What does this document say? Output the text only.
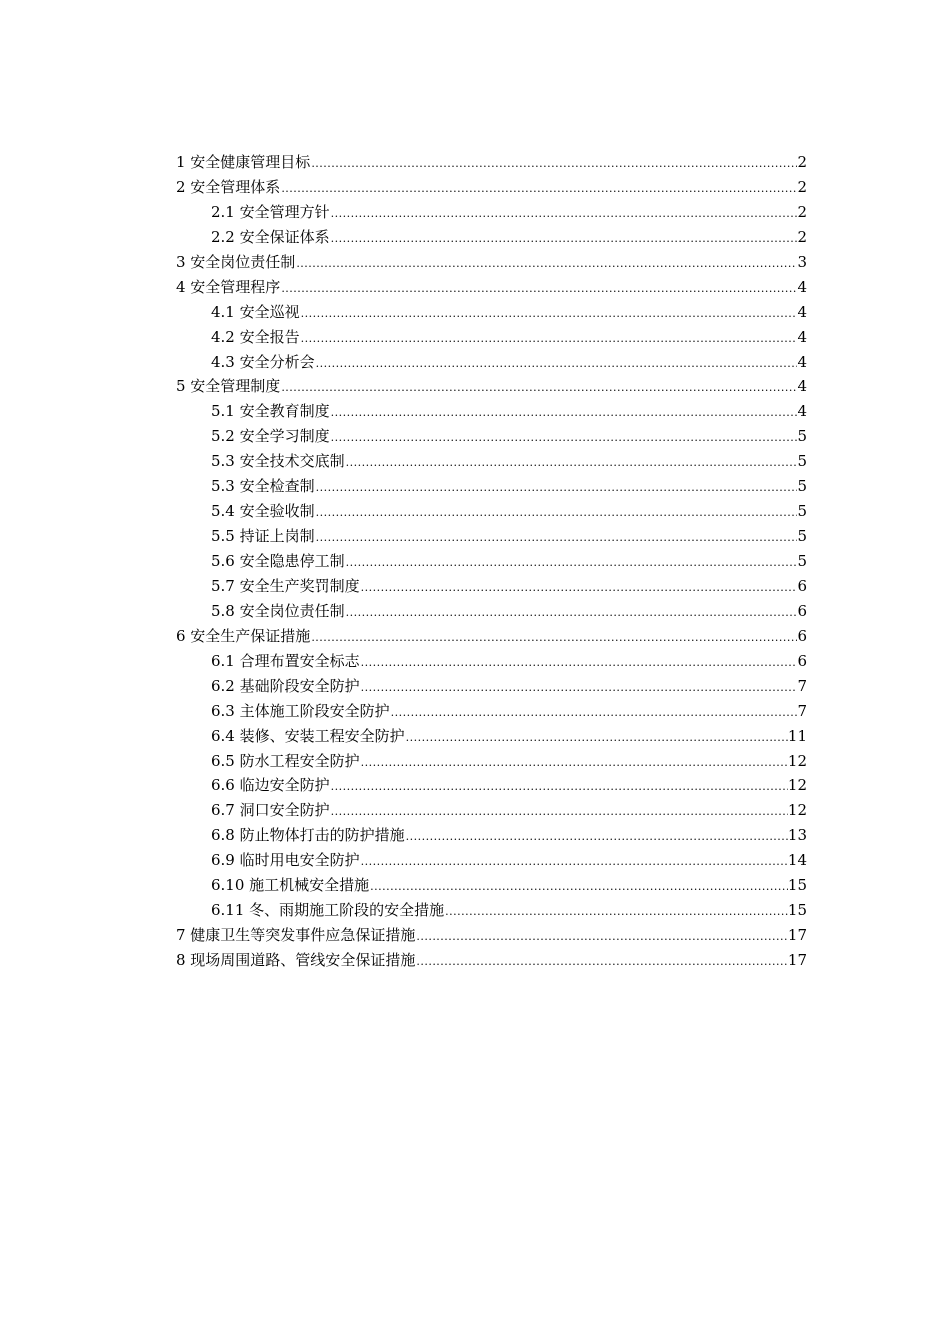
1 安全健康管理目标 .....	2
2 安全管理体系 .....	2
2.1 安全管理方针 .....	2
2.2 安全保证体系 .....	2
3 安全岗位责任制 .....	3
4 安全管理程序 .....	4
4.1 安全巡视 .....	4
4.2 安全报告 .....	4
4.3 安全分析会 .....	4
5 安全管理制度 .....	4
5.1 安全教育制度 .....	4
5.2 安全学习制度 .....	5
5.3 安全技术交底制 .....	5
5.3 安全检查制 .....	5
5.4 安全验收制 .....	5
5.5 持证上岗制 .....	5
5.6 安全隐患停工制 .....	5
5.7 安全生产奖罚制度 .....	6
5.8 安全岗位责任制 .....	6
6 安全生产保证措施 .....	6
6.1 合理布置安全标志 .....	6
6.2 基础阶段安全防护 .....	7
6.3 主体施工阶段安全防护 .....	7
6.4 装修、安装工程安全防护 .....	11
6.5 防水工程安全防护 .....	12
6.6 临边安全防护 .....	12
6.7 洞口安全防护 .....	12
6.8 防止物体打击的防护措施 .....	13
6.9 临时用电安全防护 .....	14
6.10 施工机械安全措施 .....	15
6.11 冬、雨期施工阶段的安全措施 .....	15
7 健康卫生等突发事件应急保证措施 .....	17
8 现场周围道路、管线安全保证措施 .....	17
